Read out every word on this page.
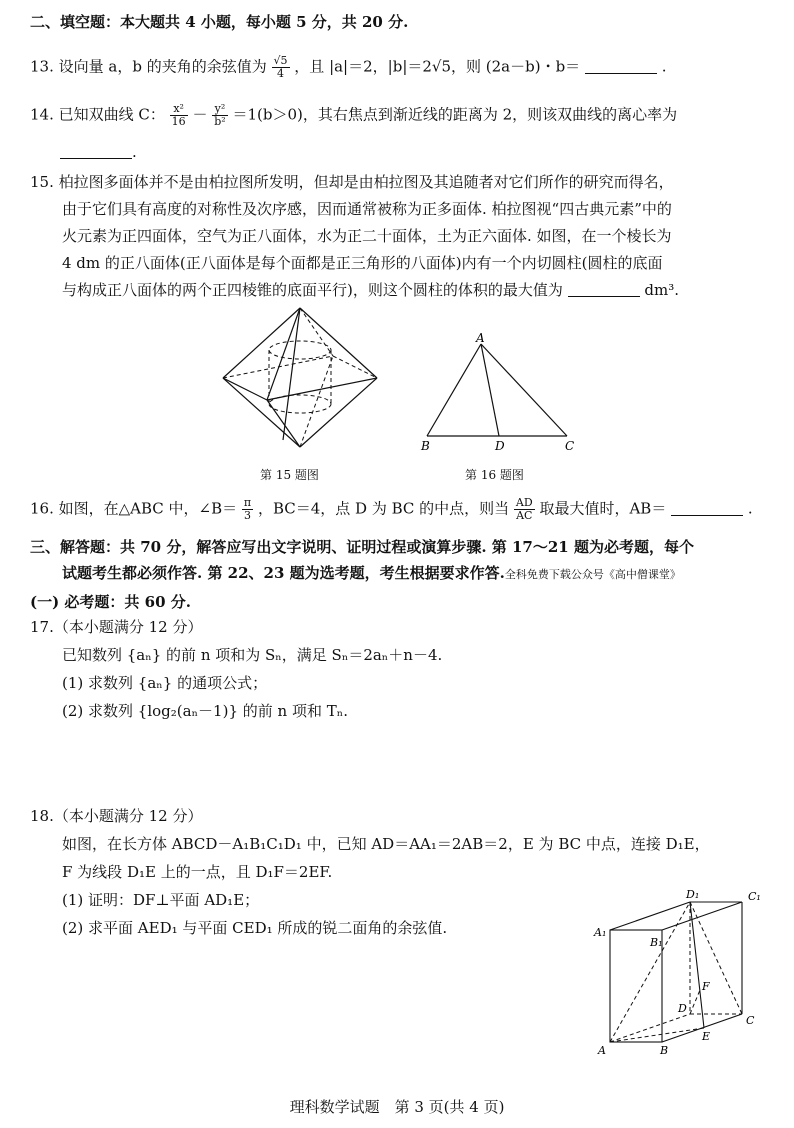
二、填空题：本大题共 4 小题，每小题 5 分，共 20 分.
13. 设向量 a，b 的夹角的余弦值为 $\frac{√5}{4}$ ，且 |a|＝2，|b|＝2√5，则 (2a－b)・b＝	.
14. 已知双曲线 C： $\frac{\text{x²}}{16} - \frac{\text{y²}}{\text{b²}} =1(b>0)$，其右焦点到渐近线的距离为 2，则该双曲线的离心率为
.
15. 柏拉图多面体并不是由柏拉图所发明，但却是由柏拉图及其追随者对它们所作的研究而得名，
由于它们具有高度的对称性及次序感，因而通常被称为正多面体. 柏拉图视“四古典元素”中的
火元素为正四面体，空气为正八面体，水为正二十面体，土为正六面体. 如图，在一个棱长为
4 dm 的正八面体(正八面体是每个面都是正三角形的八面体)内有一个内切圆柱(圆柱的底面
与构成正八面体的两个正四棱锥的底面平行)，则这个圆柱的体积的最大值为	dm³.
第 15 题图
A
B	D	C
第 16 题图
16. 如图，在△ABC 中，∠B＝ $\frac{\pi}{3}$ ，BC＝4，点 D 为 BC 的中点，则当 $\frac{AD}{AC}$ 取最大值时，AB＝	.
三、解答题：共 70 分，解答应写出文字说明、证明过程或演算步骤. 第 17～21 题为必考题，每个
试题考生都必须作答. 第 22、23 题为选考题，考生根据要求作答.全科免费下载公众号《高中僧课堂》
(一) 必考题：共 60 分.
17.（本小题满分 12 分）
已知数列 {aₙ} 的前 n 项和为 Sₙ，满足 Sₙ＝2aₙ＋n－4.
(1) 求数列 {aₙ} 的通项公式；
(2) 求数列 {log₂(aₙ－1)} 的前 n 项和 Tₙ.
18.（本小题满分 12 分）
如图，在长方体 ABCD－A₁B₁C₁D₁ 中，已知 AD＝AA₁＝2AB＝2，E 为 BC 中点，连接 D₁E，
F 为线段 D₁E 上的一点，且 D₁F＝2EF.
(1) 证明：DF⊥平面 AD₁E；
(2) 求平面 AED₁ 与平面 CED₁ 所成的锐二面角的余弦值.
A	B
C
D
A₁
B₁
C₁
D₁
E
F
理科数学试题　第 3 页(共 4 页)
